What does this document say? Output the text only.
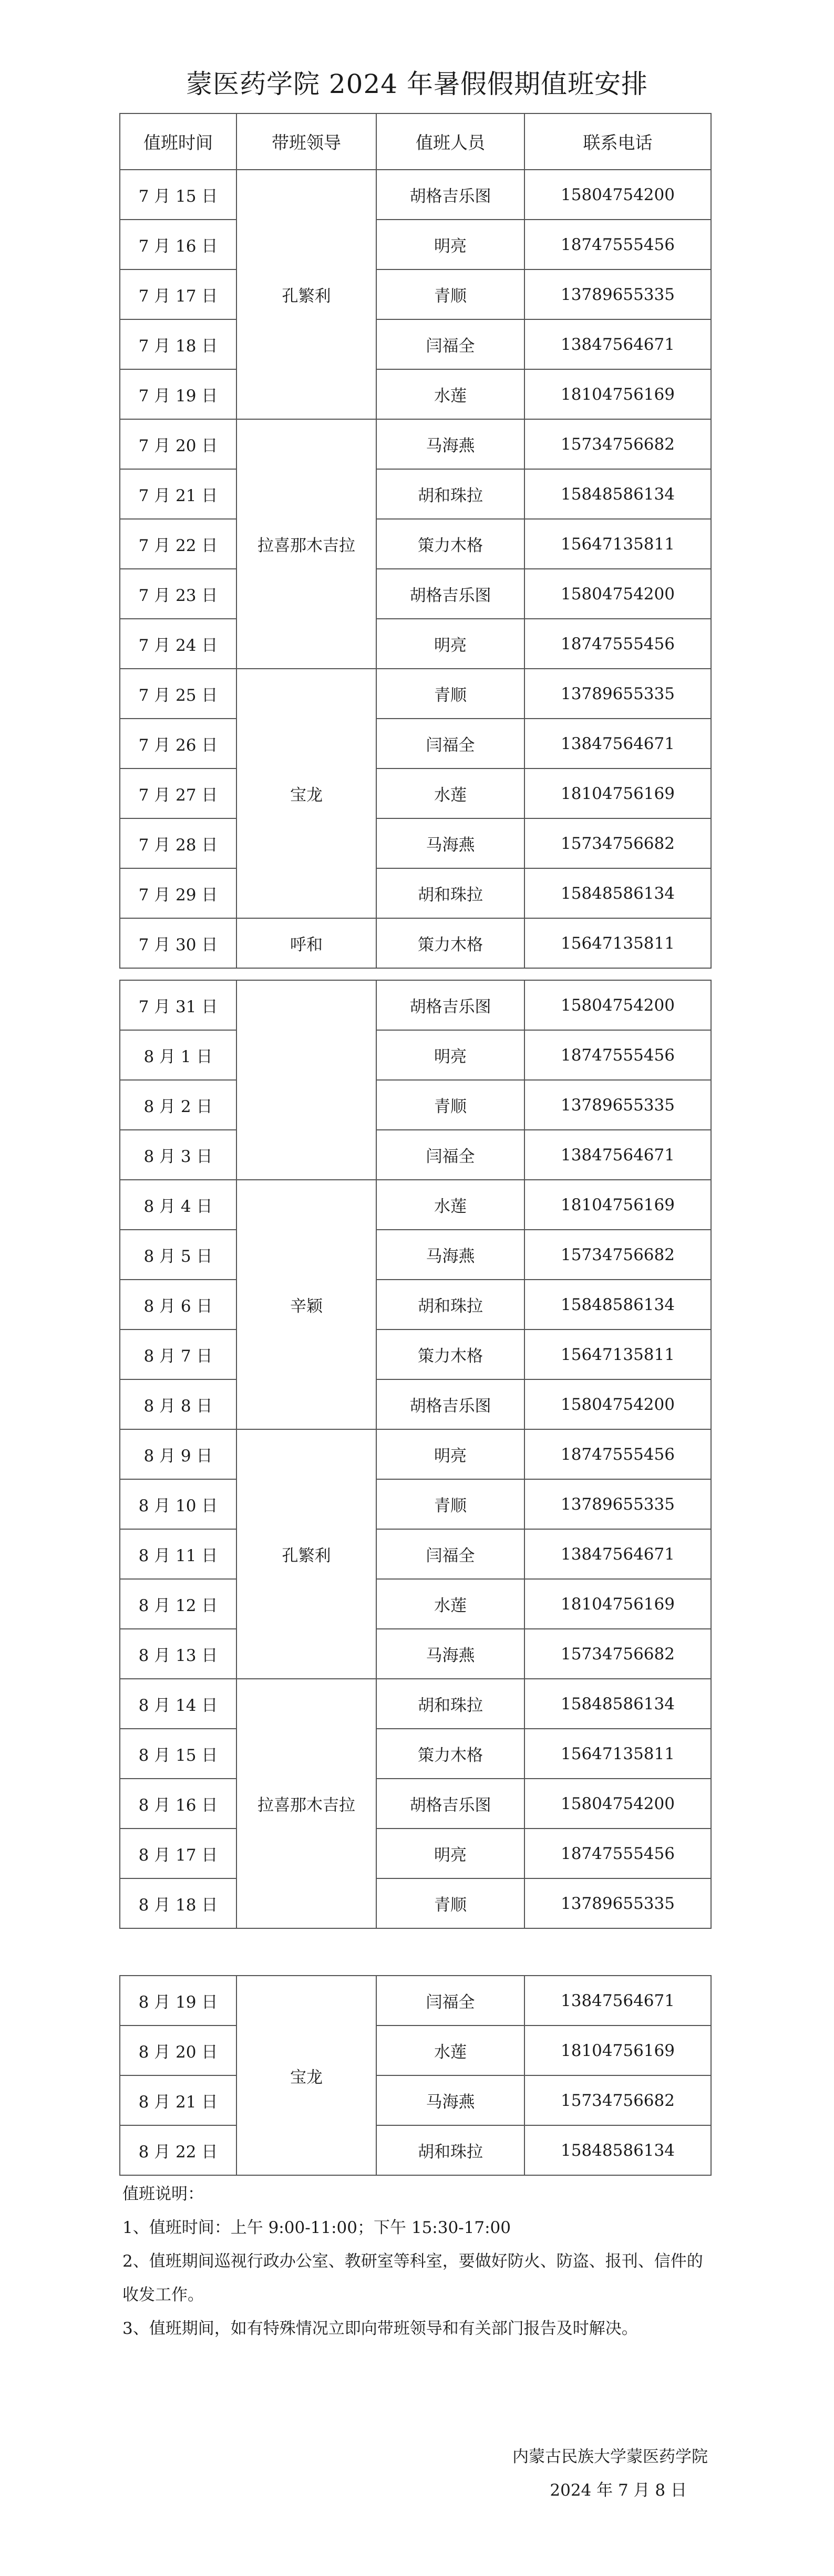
蒙医药学院 2024 年暑假假期值班安排
值班时间	带班领导	值班人员	联系电话
7 月 15 日	孔繁利	胡格吉乐图	15804754200
7 月 16 日		明亮	18747555456
7 月 17 日		青顺	13789655335
7 月 18 日		闫福全	13847564671
7 月 19 日		水莲	18104756169
7 月 20 日	拉喜那木吉拉	马海燕	15734756682
7 月 21 日		胡和珠拉	15848586134
7 月 22 日		策力木格	15647135811
7 月 23 日		胡格吉乐图	15804754200
7 月 24 日		明亮	18747555456
7 月 25 日	宝龙	青顺	13789655335
7 月 26 日		闫福全	13847564671
7 月 27 日		水莲	18104756169
7 月 28 日		马海燕	15734756682
7 月 29 日		胡和珠拉	15848586134
7 月 30 日	呼和	策力木格	15647135811
7 月 31 日		胡格吉乐图	15804754200
8 月 1 日		明亮	18747555456
8 月 2 日		青顺	13789655335
8 月 3 日		闫福全	13847564671
8 月 4 日	辛颖	水莲	18104756169
8 月 5 日		马海燕	15734756682
8 月 6 日		胡和珠拉	15848586134
8 月 7 日		策力木格	15647135811
8 月 8 日		胡格吉乐图	15804754200
8 月 9 日	孔繁利	明亮	18747555456
8 月 10 日		青顺	13789655335
8 月 11 日		闫福全	13847564671
8 月 12 日		水莲	18104756169
8 月 13 日		马海燕	15734756682
8 月 14 日	拉喜那木吉拉	胡和珠拉	15848586134
8 月 15 日		策力木格	15647135811
8 月 16 日		胡格吉乐图	15804754200
8 月 17 日		明亮	18747555456
8 月 18 日		青顺	13789655335
8 月 19 日	宝龙	闫福全	13847564671
8 月 20 日		水莲	18104756169
8 月 21 日		马海燕	15734756682
8 月 22 日		胡和珠拉	15848586134

值班说明：

1、值班时间：上午 9:00-11:00；下午 15:30-17:00

2、值班期间巡视行政办公室、教研室等科室，要做好防火、防盗、报刊、信件的收发工作。

3、值班期间，如有特殊情况立即向带班领导和有关部门报告及时解决。

内蒙古民族大学蒙医药学院

2024 年 7 月 8 日
